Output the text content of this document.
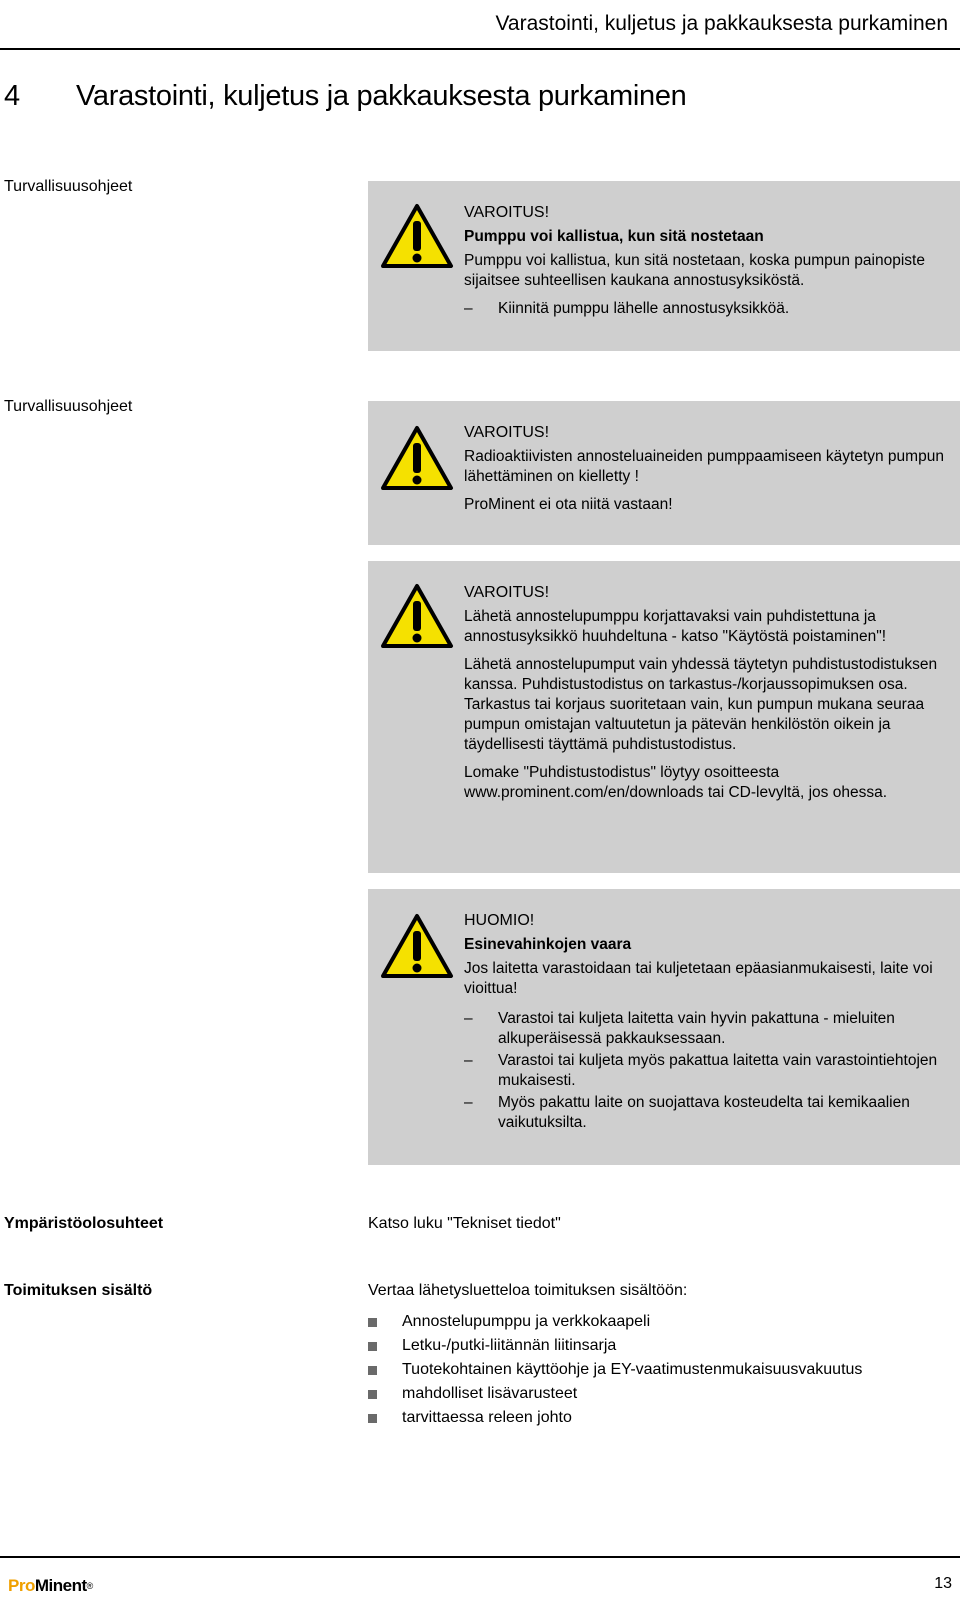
Varastointi, kuljetus ja pakkauksesta purkaminen
4 Varastointi, kuljetus ja pakkauksesta purkaminen
Turvallisuusohjeet

VAROITUS!

Pumppu voi kallistua, kun sitä nostetaan

Pumppu voi kallistua, kun sitä nostetaan, koska pumpun painopiste sijaitsee suhteellisen kaukana annostusyksiköstä.

– Kiinnitä pumppu lähelle annostusyksikköä.
Turvallisuusohjeet

VAROITUS!

Radioaktiivisten annosteluaineiden pumppaamiseen käytetyn pumpun lähettäminen on kielletty !

ProMinent ei ota niitä vastaan!

VAROITUS!

Lähetä annostelupumppu korjattavaksi vain puhdistettuna ja annostusyksikkö huuhdeltuna - katso "Käytöstä poistaminen"!

Lähetä annostelupumput vain yhdessä täytetyn puhdistustodistuksen kanssa. Puhdistustodistus on tarkastus-/korjaussopimuksen osa. Tarkastus tai korjaus suoritetaan vain, kun pumpun mukana seuraa pumpun omistajan valtuutetun ja pätevän henkilöstön oikein ja täydellisesti täyttämä puhdistustodistus.

Lomake "Puhdistustodistus" löytyy osoitteesta www.prominent.com/en/downloads tai CD-levyltä, jos ohessa.

HUOMIO!

Esinevahinkojen vaara

Jos laitetta varastoidaan tai kuljetetaan epäasianmukaisesti, laite voi vioittua!

– Varastoi tai kuljeta laitetta vain hyvin pakattuna - mieluiten alkuperäisessä pakkauksessaan.
– Varastoi tai kuljeta myös pakattua laitetta vain varastointiehtojen mukaisesti.
– Myös pakattu laite on suojattava kosteudelta tai kemikaalien vaikutuksilta.
Ympäristöolosuhteet	Katso luku "Tekniset tiedot"
Toimituksen sisältö	Vertaa lähetysluetteloa toimituksen sisältöön:
Annostelupumppu ja verkkokaapeli
Letku-/putki-liitännän liitinsarja
Tuotekohtainen käyttöohje ja EY-vaatimustenmukaisuusvakuutus
mahdolliset lisävarusteet
tarvittaessa releen johto
ProMinent®	13
